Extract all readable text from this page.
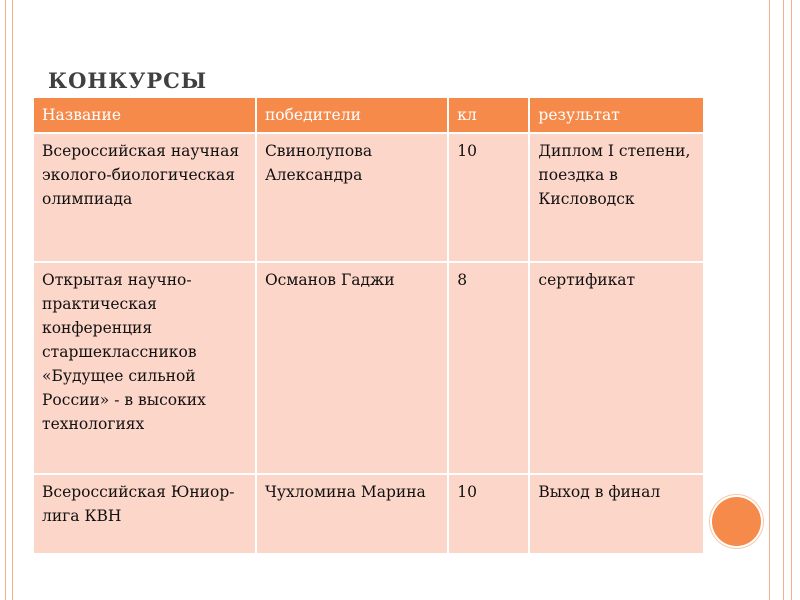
КОНКУРСЫ
Название	победители	кл	результат
Всероссийская научная эколого-биологическая олимпиада	Свинолупова Александра	10	Диплом I степени, поездка в Кисловодск
Открытая научно-практическая конференция старшеклассников «Будущее сильной России» - в высоких технологиях	Османов Гаджи	8	сертификат
Всероссийская Юниор-лига КВН	Чухломина Марина	10	Выход в финал
